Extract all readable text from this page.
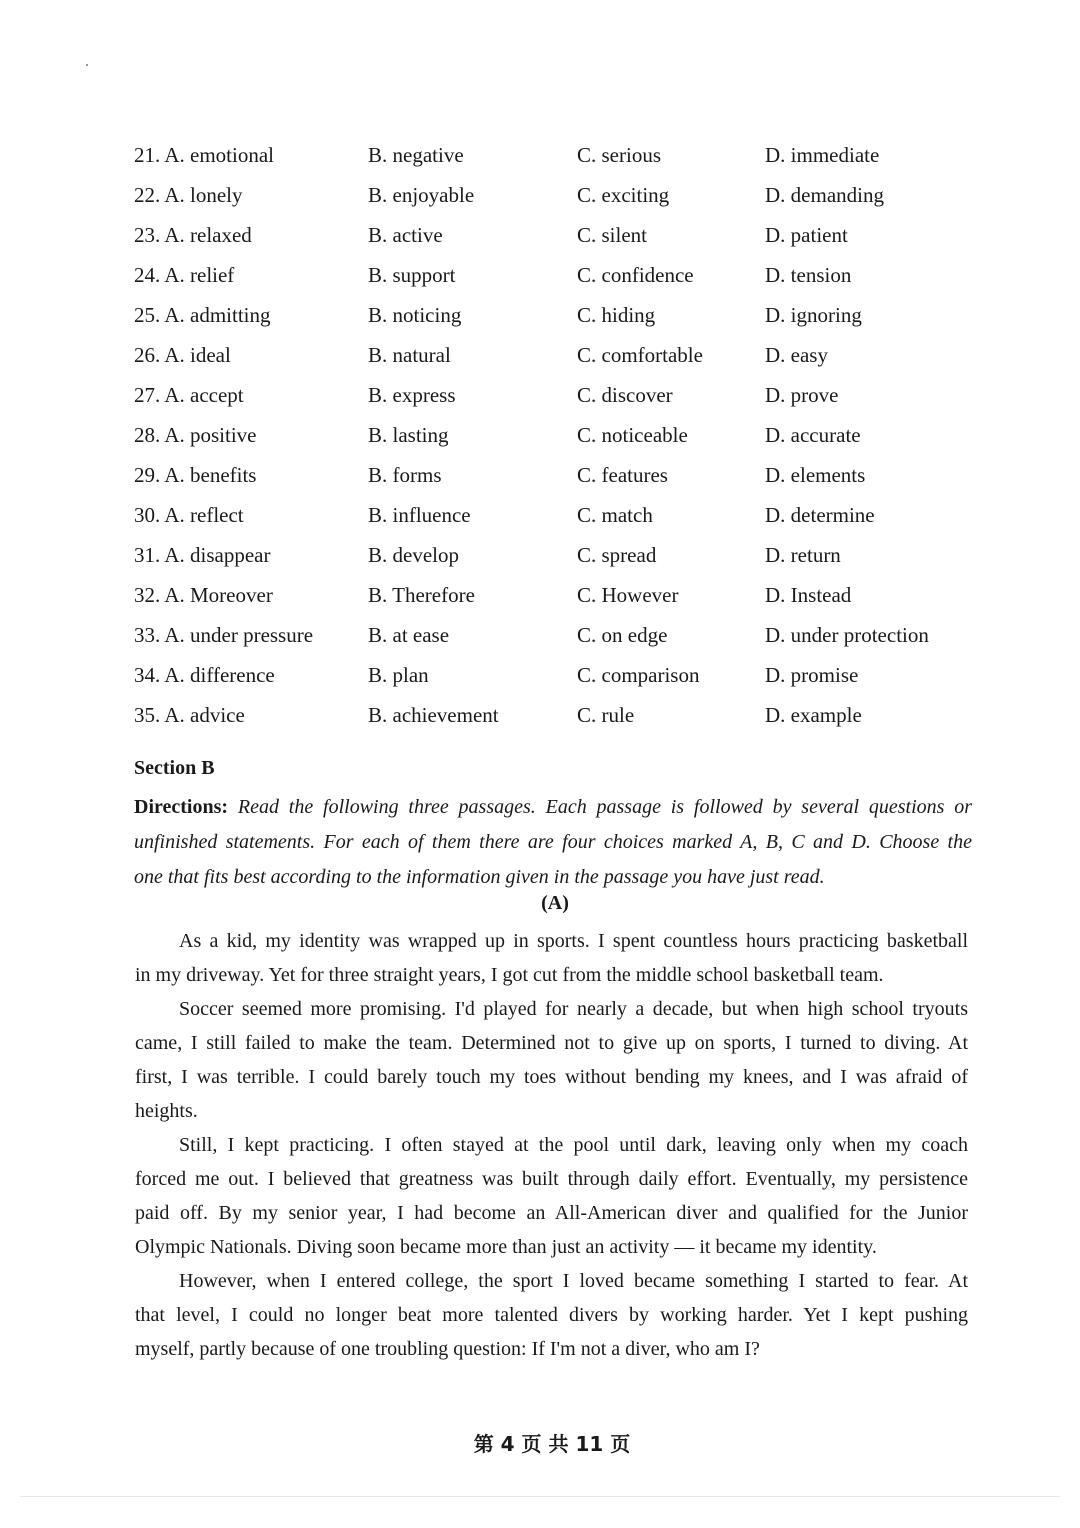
21. A. emotional	B. negative	C. serious	D. immediate
22. A. lonely	B. enjoyable	C. exciting	D. demanding
23. A. relaxed	B. active	C. silent	D. patient
24. A. relief	B. support	C. confidence	D. tension
25. A. admitting	B. noticing	C. hiding	D. ignoring
26. A. ideal	B. natural	C. comfortable	D. easy
27. A. accept	B. express	C. discover	D. prove
28. A. positive	B. lasting	C. noticeable	D. accurate
29. A. benefits	B. forms	C. features	D. elements
30. A. reflect	B. influence	C. match	D. determine
31. A. disappear	B. develop	C. spread	D. return
32. A. Moreover	B. Therefore	C. However	D. Instead
33. A. under pressure	B. at ease	C. on edge	D. under protection
34. A. difference	B. plan	C. comparison	D. promise
35. A. advice	B. achievement	C. rule	D. example
Section B
Directions: Read the following three passages. Each passage is followed by several questions or
unfinished statements. For each of them there are four choices marked A, B, C and D. Choose the
one that fits best according to the information given in the passage you have just read.
(A)
As a kid, my identity was wrapped up in sports. I spent countless hours practicing basketball
in my driveway. Yet for three straight years, I got cut from the middle school basketball team.
Soccer seemed more promising. I'd played for nearly a decade, but when high school tryouts
came, I still failed to make the team. Determined not to give up on sports, I turned to diving. At
first, I was terrible. I could barely touch my toes without bending my knees, and I was afraid of
heights.
Still, I kept practicing. I often stayed at the pool until dark, leaving only when my coach
forced me out. I believed that greatness was built through daily effort. Eventually, my persistence
paid off. By my senior year, I had become an All-American diver and qualified for the Junior
Olympic Nationals. Diving soon became more than just an activity — it became my identity.
However, when I entered college, the sport I loved became something I started to fear. At
that level, I could no longer beat more talented divers by working harder. Yet I kept pushing
myself, partly because of one troubling question: If I'm not a diver, who am I?
第 4 页 共 11 页
